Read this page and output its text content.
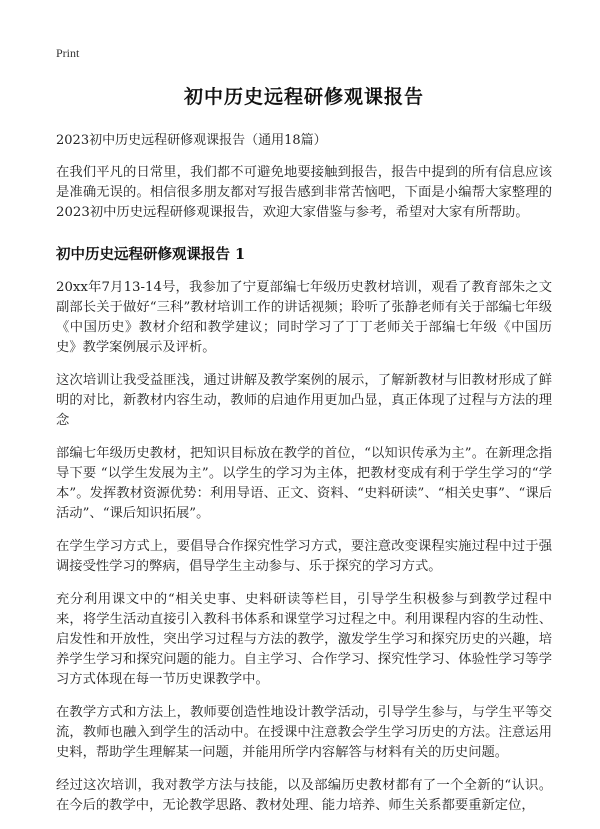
Print
初中历史远程研修观课报告
2023初中历史远程研修观课报告（通用18篇）

在我们平凡的日常里，我们都不可避免地要接触到报告，报告中提到的所有信息应该是准确无误的。相信很多朋友都对写报告感到非常苦恼吧，下面是小编帮大家整理的2023初中历史远程研修观课报告，欢迎大家借鉴与参考，希望对大家有所帮助。

初中历史远程研修观课报告 1

20xx年7月13-14号，我参加了宁夏部编七年级历史教材培训，观看了教育部朱之文副部长关于做好“三科”教材培训工作的讲话视频；聆听了张静老师有关于部编七年级《中国历史》教材介绍和教学建议；同时学习了丁丁老师关于部编七年级《中国历史》教学案例展示及评析。

这次培训让我受益匪浅，通过讲解及教学案例的展示，了解新教材与旧教材形成了鲜明的对比，新教材内容生动，教师的启迪作用更加凸显，真正体现了过程与方法的理念

部编七年级历史教材，把知识目标放在教学的首位，“以知识传承为主”。在新理念指导下要 “以学生发展为主”。以学生的学习为主体，把教材变成有利于学生学习的“学本”。发挥教材资源优势：利用导语、正文、资料、“史料研读”、“相关史事”、“课后活动”、“课后知识拓展”。

在学生学习方式上，要倡导合作探究性学习方式，要注意改变课程实施过程中过于强调接受性学习的弊病，倡导学生主动参与、乐于探究的学习方式。

充分利用课文中的“相关史事、史料研读等栏目，引导学生积极参与到教学过程中来，将学生活动直接引入教科书体系和课堂学习过程之中。利用课程内容的生动性、启发性和开放性，突出学习过程与方法的教学，激发学生学习和探究历史的兴趣，培养学生学习和探究问题的能力。自主学习、合作学习、探究性学习、体验性学习等学习方式体现在每一节历史课教学中。

在教学方式和方法上，教师要创造性地设计教学活动，引导学生参与，与学生平等交流，教师也融入到学生的活动中。在授课中注意教会学生学习历史的方法。注意运用史料，帮助学生理解某一问题，并能用所学内容解答与材料有关的历史问题。

经过这次培训，我对教学方法与技能，以及部编历史教材都有了一个全新的“认识。在今后的教学中，无论教学思路、教材处理、能力培养、师生关系都要重新定位，
